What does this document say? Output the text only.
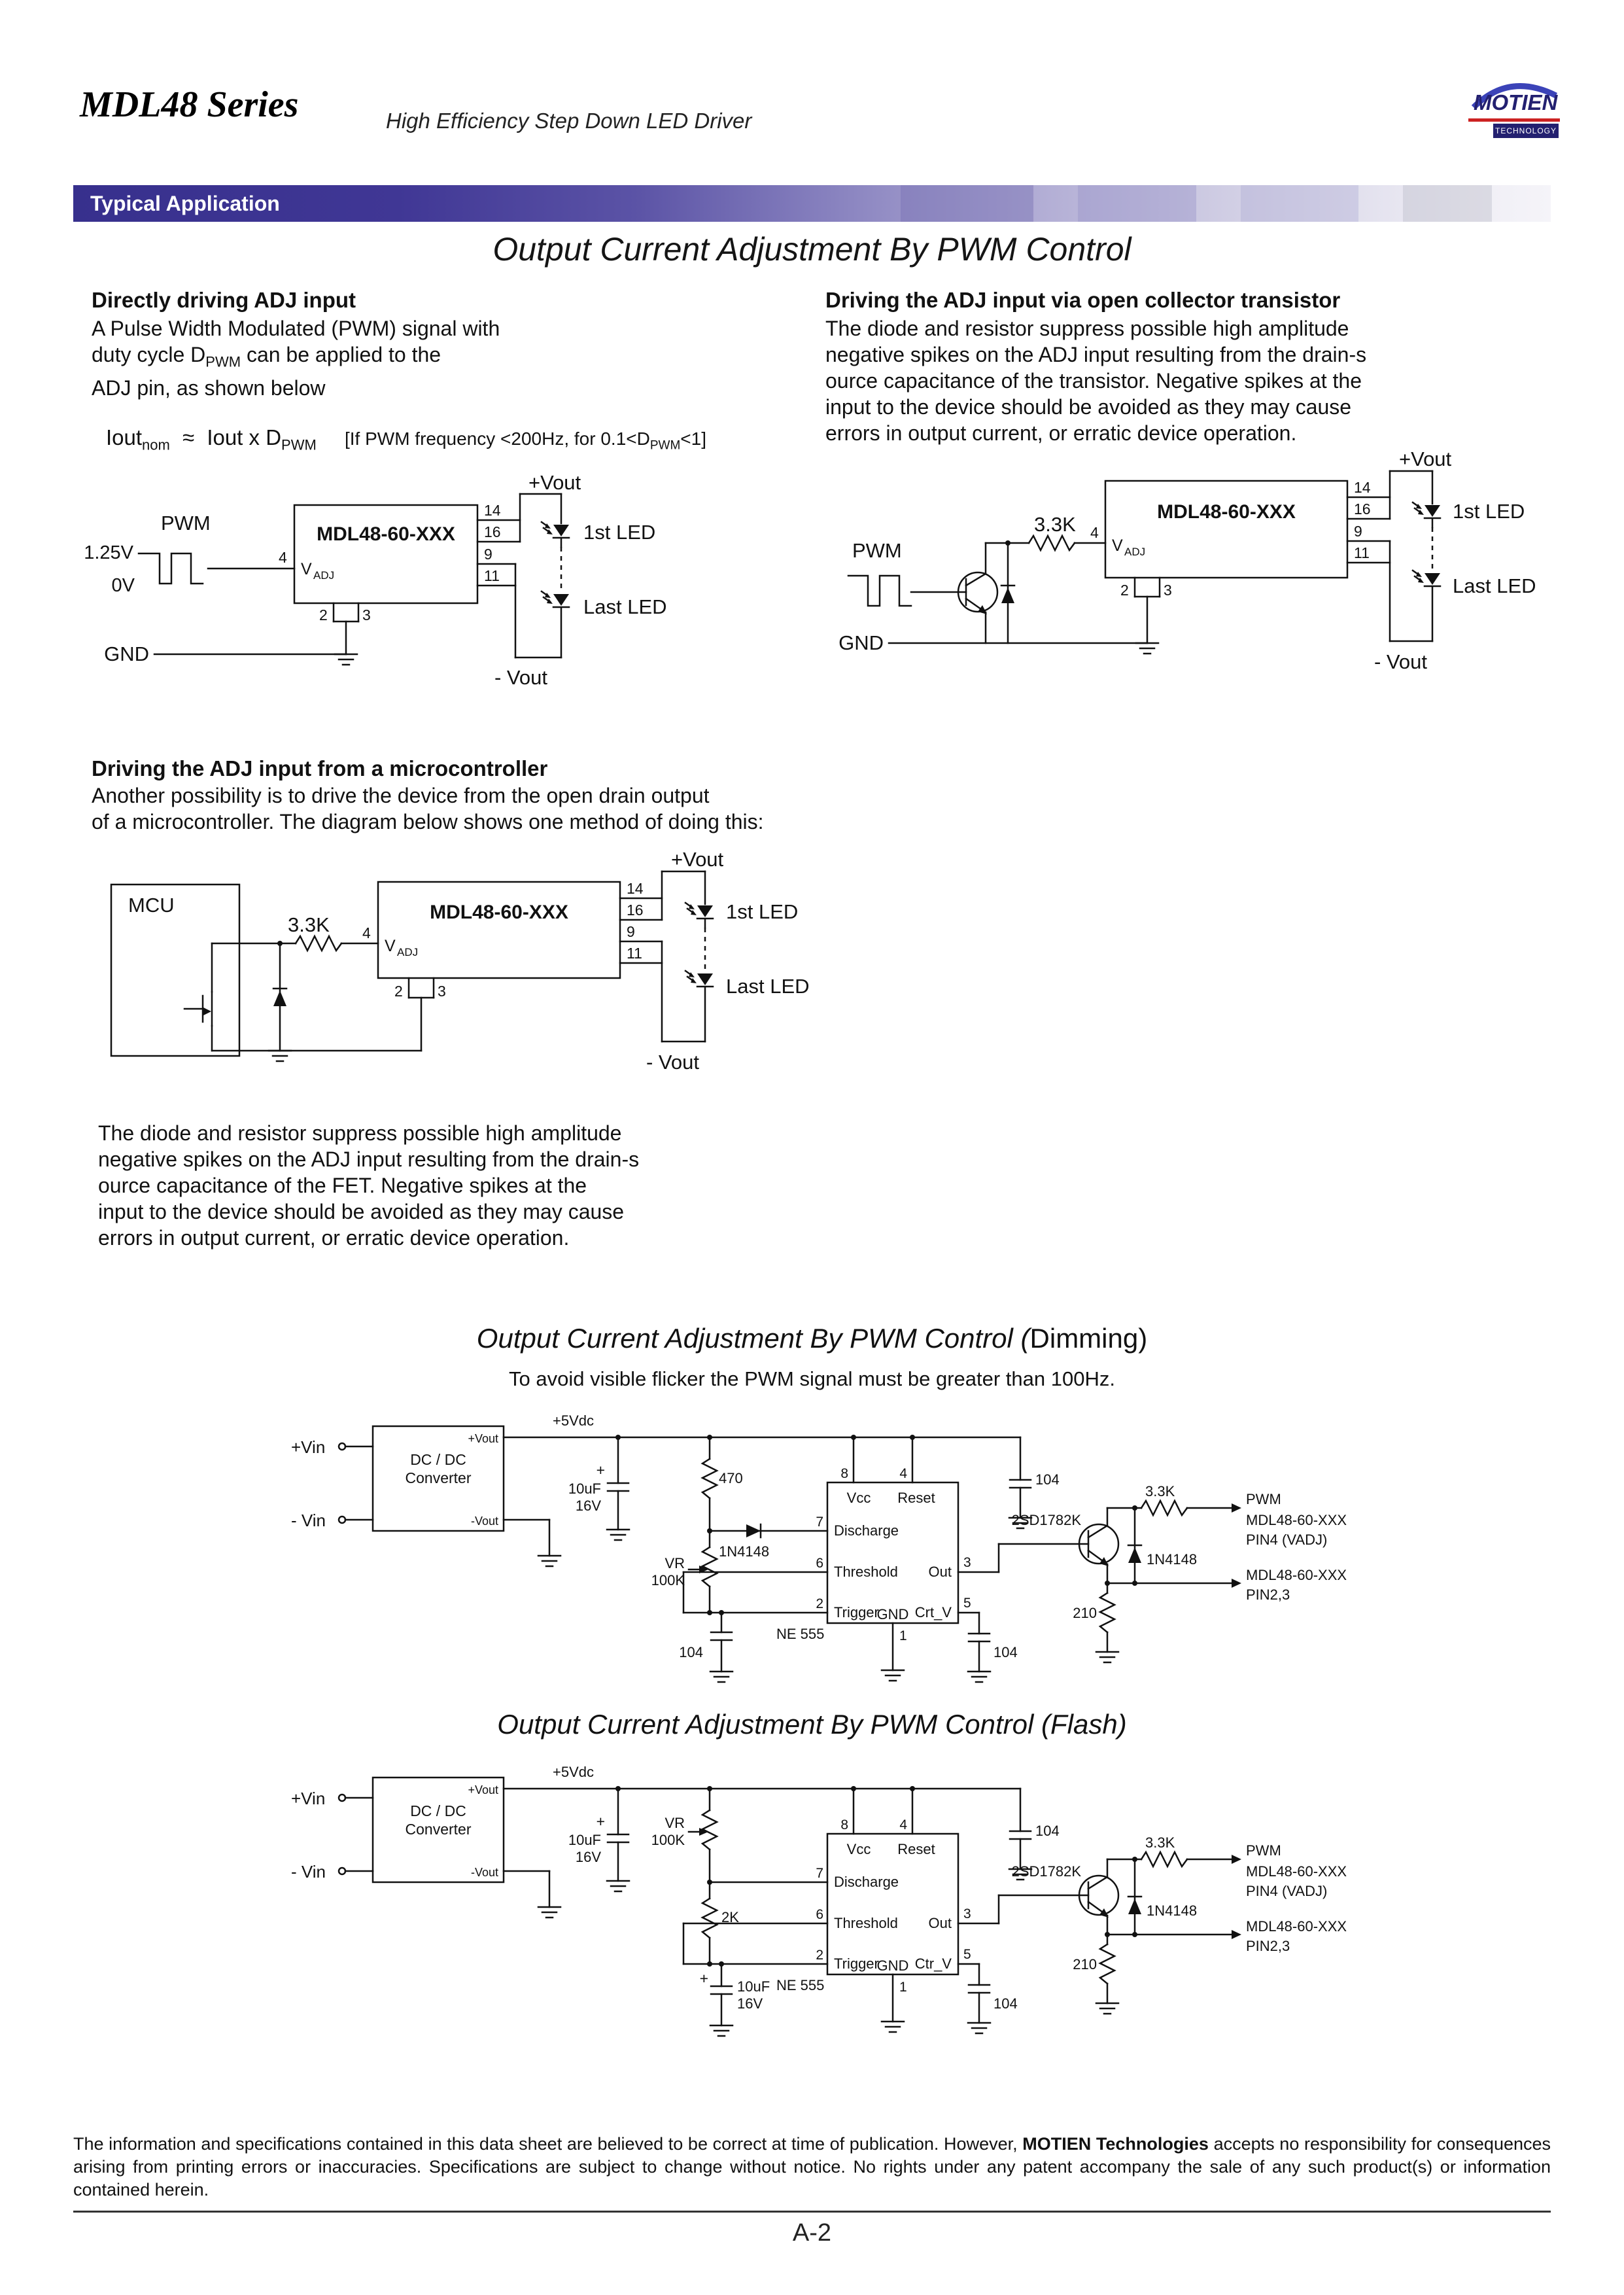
MDL48 Series	High Efficiency Step Down LED Driver
MOTIEN
TECHNOLOGY
Typical Application
Output Current Adjustment By PWM Control
Directly driving ADJ input
A Pulse Width Modulated (PWM) signal with
duty cycle $D_{PWM}$ can be applied to the
ADJ pin, as shown below
Iout$_{nom}$ ≈ Iout x $D_{PWM}$ [If PWM frequency <200Hz, for $0.1<D_{PWM}<1$]
Driving the ADJ input via open collector transistor
The diode and resistor suppress possible high amplitude
negative spikes on the ADJ input resulting from the drain-s
ource capacitance of the transistor. Negative spikes at the
input to the device should be avoided as they may cause
errors in output current, or erratic device operation.
PWM
1.25V
0V
4
MDL48-60-XXX
V ADJ
14
16
9
11
+Vout
- Vout
1st LED
Last LED
2 3
GND
PWM
3.3K 4
MDL48-60-XXX
V ADJ
14
16
9
11
+Vout
- Vout
1st LED
Last LED
2 3
GND
Driving the ADJ input from a microcontroller
Another possibility is to drive the device from the open drain output
of a microcontroller. The diagram below shows one method of doing this:
MCU
3.3K 4
MDL48-60-XXX
V ADJ
14
16
9
11
+Vout
- Vout
1st LED
Last LED
2 3
The diode and resistor suppress possible high amplitude
negative spikes on the ADJ input resulting from the drain-s
ource capacitance of the FET. Negative spikes at the
input to the device should be avoided as they may cause
errors in output current, or erratic device operation.
Output Current Adjustment By PWM Control (Dimming)
To avoid visible flicker the PWM signal must be greater than 100Hz.
+Vin
- Vin
DC / DC
Converter
+Vout
-Vout
+5Vdc
+
10uF
16V
470
1N4148
VR
100K
104
8	4
Vcc Reset
Discharge
Threshold
Trigger
Out
Crt_V
GND
7
6
2
3
5
1
NE 555
104
104
2SD1782K
3.3K
1N4148
210
PWM
MDL48-60-XXX
PIN4 (VADJ)
MDL48-60-XXX
PIN2,3
Output Current Adjustment By PWM Control (Flash)
+Vin
- Vin
DC / DC
Converter
+Vout
-Vout
+5Vdc
+
10uF
16V
VR
100K
2K
+ 10uF
16V
8	4
Vcc Reset
Discharge
Threshold
Trigger
Out
Ctr_V
GND
7
6
2
3
5
1
NE 555
104
104
2SD1782K
3.3K
1N4148
210
PWM
MDL48-60-XXX
PIN4 (VADJ)
MDL48-60-XXX
PIN2,3
The information and specifications contained in this data sheet are believed to be correct at time of publication. However, MOTIEN Technologies accepts no responsibility for consequences arising from printing errors or inaccuracies. Specifications are subject to change without notice. No rights under any patent accompany the sale of any such product(s) or information contained herein.
A-2
